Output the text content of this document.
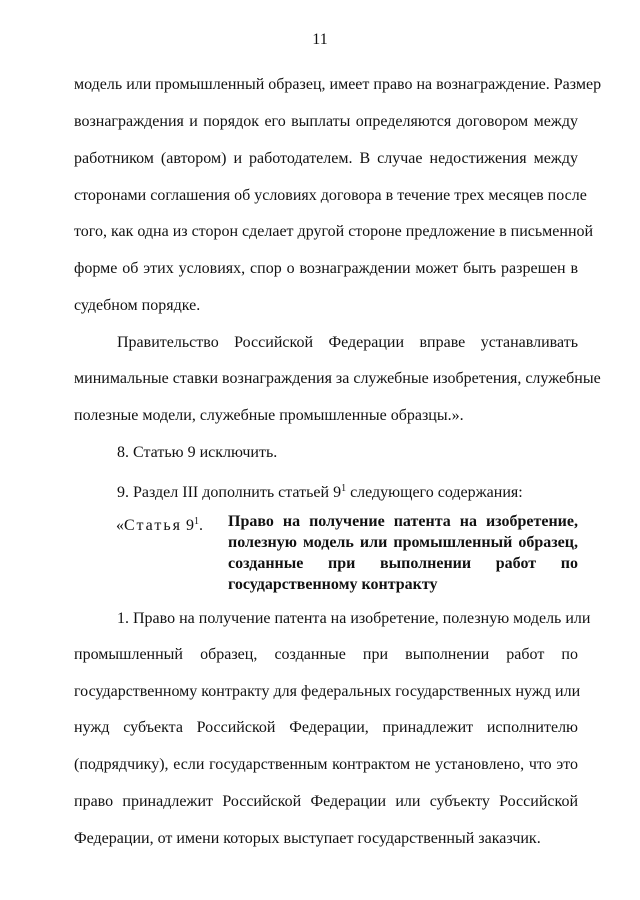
11
модель или промышленный образец, имеет право на вознаграждение. Размер
вознаграждения и порядок его выплаты определяются договором между
работником (автором) и работодателем. В случае недостижения между
сторонами соглашения об условиях договора в течение трех месяцев после
того, как одна из сторон сделает другой стороне предложение в письменной
форме об этих условиях, спор о вознаграждении может быть разрешен в
судебном порядке.
Правительство Российской Федерации вправе устанавливать
минимальные ставки вознаграждения за служебные изобретения, служебные
полезные модели, служебные промышленные образцы.».
8. Статью 9 исключить.
9. Раздел III дополнить статьей $9^1$ следующего содержания:
«Статья $9^1$. Право на получение патента на изобретение,
полезную модель или промышленный образец,
созданные при выполнении работ по
государственному контракту
1. Право на получение патента на изобретение, полезную модель или
промышленный образец, созданные при выполнении работ по
государственному контракту для федеральных государственных нужд или
нужд субъекта Российской Федерации, принадлежит исполнителю
(подрядчику), если государственным контрактом не установлено, что это
право принадлежит Российской Федерации или субъекту Российской
Федерации, от имени которых выступает государственный заказчик.
